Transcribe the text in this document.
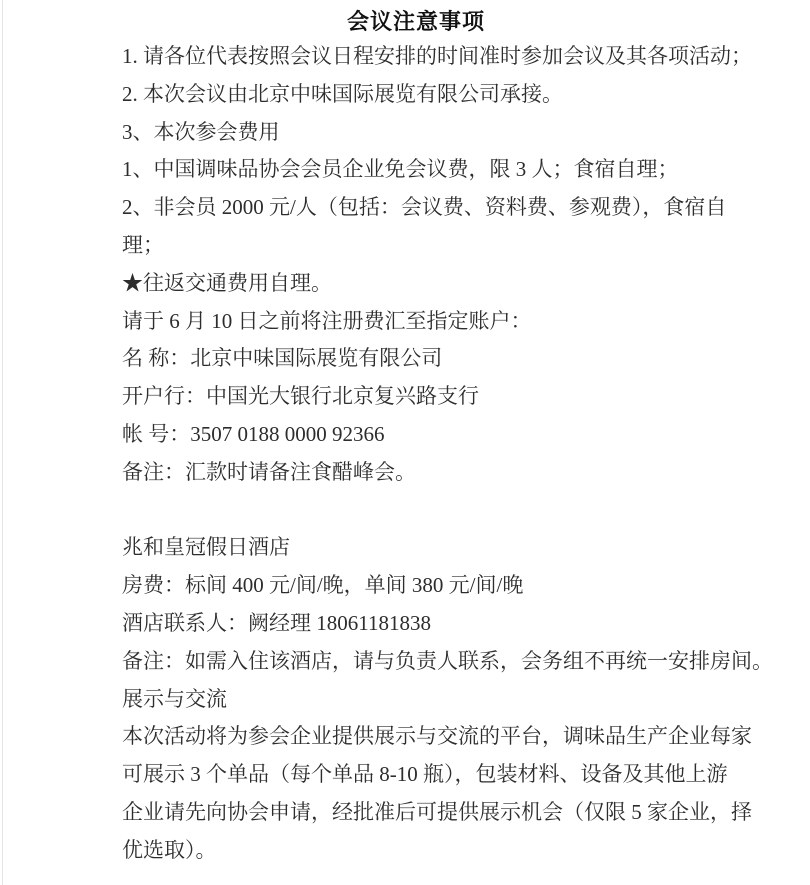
会议注意事项
1. 请各位代表按照会议日程安排的时间准时参加会议及其各项活动；
2. 本次会议由北京中味国际展览有限公司承接。
3、本次参会费用
1、中国调味品协会会员企业免会议费，限 3 人；食宿自理；
2、非会员 2000 元/人（包括：会议费、资料费、参观费），食宿自
理；
★往返交通费用自理。
请于 6 月 10 日之前将注册费汇至指定账户：
名 称：北京中味国际展览有限公司
开户行：中国光大银行北京复兴路支行
帐 号：3507 0188 0000 92366
备注：汇款时请备注食醋峰会。
兆和皇冠假日酒店
房费：标间 400 元/间/晚，单间 380 元/间/晚
酒店联系人：阙经理 18061181838
备注：如需入住该酒店，请与负责人联系，会务组不再统一安排房间。
展示与交流
本次活动将为参会企业提供展示与交流的平台，调味品生产企业每家
可展示 3 个单品（每个单品 8-10 瓶），包装材料、设备及其他上游
企业请先向协会申请，经批准后可提供展示机会（仅限 5 家企业，择
优选取）。
